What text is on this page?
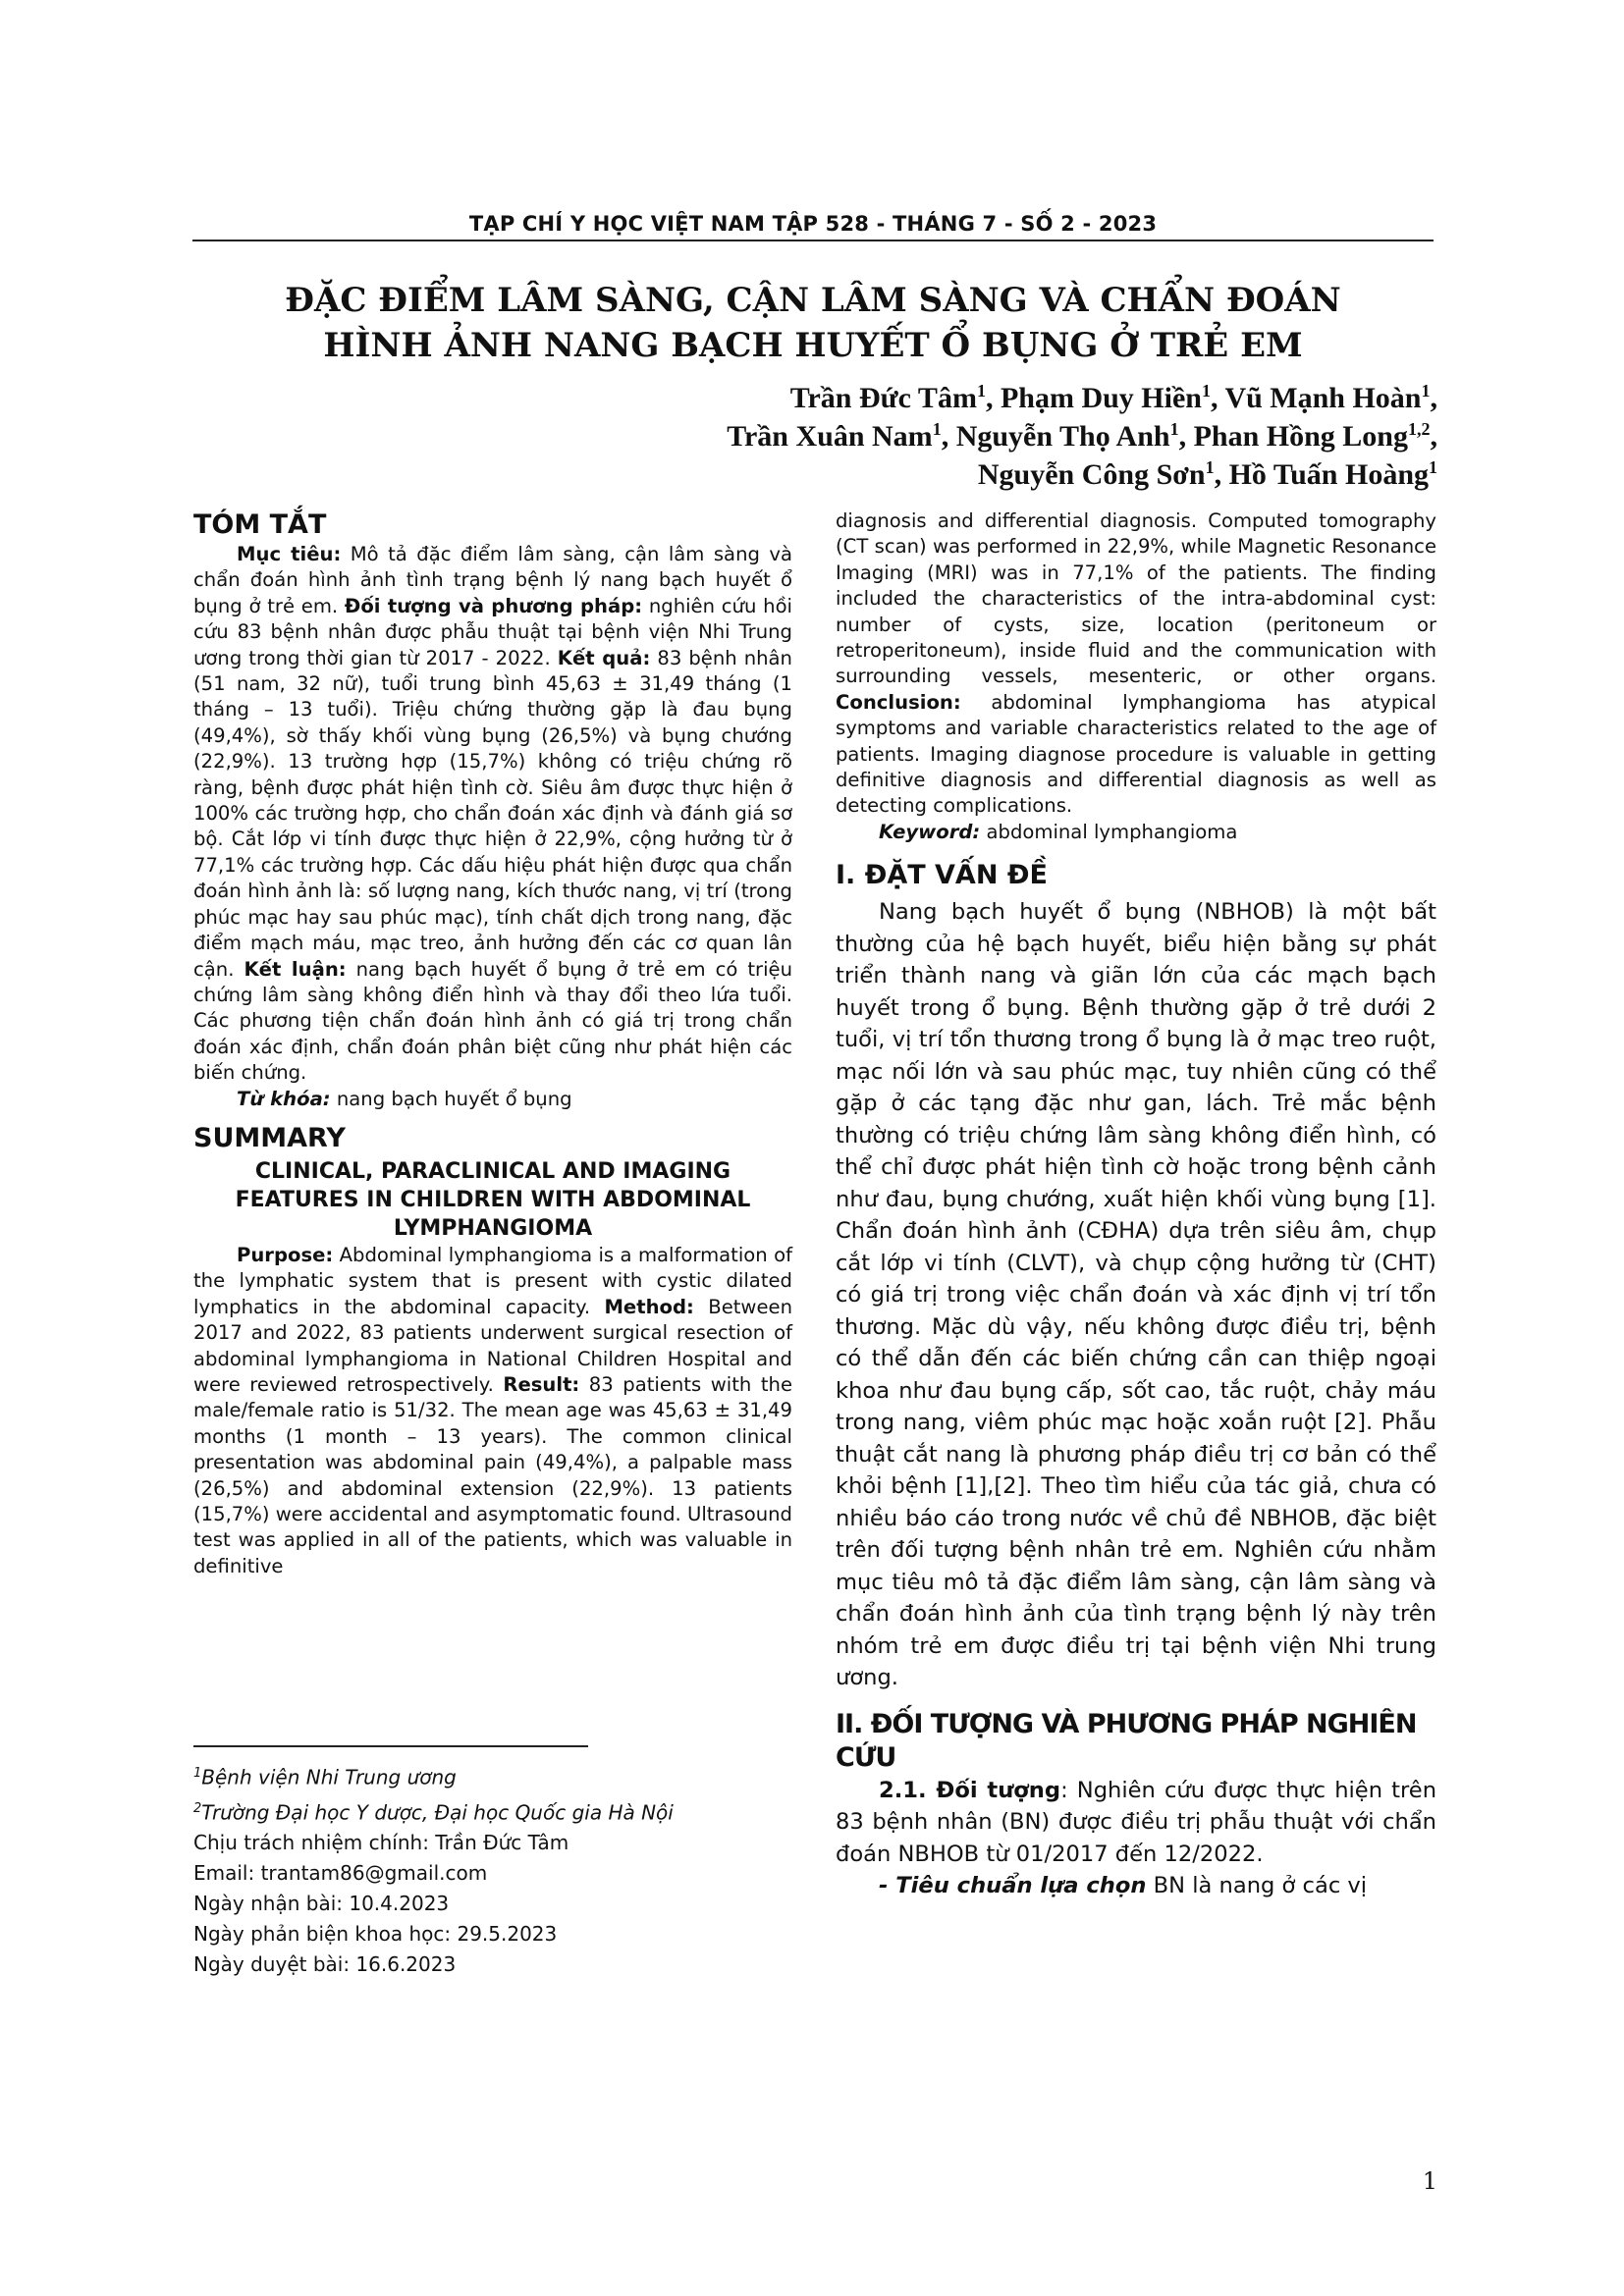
TẠP CHÍ Y HỌC VIỆT NAM TẬP 528 - THÁNG 7 - SỐ 2 - 2023
ĐẶC ĐIỂM LÂM SÀNG, CẬN LÂM SÀNG VÀ CHẨN ĐOÁN
HÌNH ẢNH NANG BẠCH HUYẾT Ổ BỤNG Ở TRẺ EM
Trần Đức Tâm$^1$, Phạm Duy Hiền$^1$, Vũ Mạnh Hoàn$^1$,
Trần Xuân Nam$^1$, Nguyễn Thọ Anh$^1$, Phan Hồng Long$^{1,2}$,
Nguyễn Công Sơn$^1$, Hồ Tuấn Hoàng$^1$
TÓM TẮT

Mục tiêu: Mô tả đặc điểm lâm sàng, cận lâm sàng và chẩn đoán hình ảnh tình trạng bệnh lý nang bạch huyết ổ bụng ở trẻ em. Đối tượng và phương pháp: nghiên cứu hồi cứu 83 bệnh nhân được phẫu thuật tại bệnh viện Nhi Trung ương trong thời gian từ 2017 - 2022. Kết quả: 83 bệnh nhân (51 nam, 32 nữ), tuổi trung bình 45,63 ± 31,49 tháng (1 tháng – 13 tuổi). Triệu chứng thường gặp là đau bụng (49,4%), sờ thấy khối vùng bụng (26,5%) và bụng chướng (22,9%). 13 trường hợp (15,7%) không có triệu chứng rõ ràng, bệnh được phát hiện tình cờ. Siêu âm được thực hiện ở 100% các trường hợp, cho chẩn đoán xác định và đánh giá sơ bộ. Cắt lớp vi tính được thực hiện ở 22,9%, cộng hưởng từ ở 77,1% các trường hợp. Các dấu hiệu phát hiện được qua chẩn đoán hình ảnh là: số lượng nang, kích thước nang, vị trí (trong phúc mạc hay sau phúc mạc), tính chất dịch trong nang, đặc điểm mạch máu, mạc treo, ảnh hưởng đến các cơ quan lân cận. Kết luận: nang bạch huyết ổ bụng ở trẻ em có triệu chứng lâm sàng không điển hình và thay đổi theo lứa tuổi. Các phương tiện chẩn đoán hình ảnh có giá trị trong chẩn đoán xác định, chẩn đoán phân biệt cũng như phát hiện các biến chứng.

Từ khóa: nang bạch huyết ổ bụng

SUMMARY
CLINICAL, PARACLINICAL AND IMAGING FEATURES IN CHILDREN WITH ABDOMINAL LYMPHANGIOMA

Purpose: Abdominal lymphangioma is a malformation of the lymphatic system that is present with cystic dilated lymphatics in the abdominal capacity. Method: Between 2017 and 2022, 83 patients underwent surgical resection of abdominal lymphangioma in National Children Hospital and were reviewed retrospectively. Result: 83 patients with the male/female ratio is 51/32. The mean age was 45,63 ± 31,49 months (1 month – 13 years). The common clinical presentation was abdominal pain (49,4%), a palpable mass (26,5%) and abdominal extension (22,9%). 13 patients (15,7%) were accidental and asymptomatic found. Ultrasound test was applied in all of the patients, which was valuable in definitive

diagnosis and differential diagnosis. Computed tomography (CT scan) was performed in 22,9%, while Magnetic Resonance Imaging (MRI) was in 77,1% of the patients. The finding included the characteristics of the intra-abdominal cyst: number of cysts, size, location (peritoneum or retroperitoneum), inside fluid and the communication with surrounding vessels, mesenteric, or other organs. Conclusion: abdominal lymphangioma has atypical symptoms and variable characteristics related to the age of patients. Imaging diagnose procedure is valuable in getting definitive diagnosis and differential diagnosis as well as detecting complications.

Keyword: abdominal lymphangioma

I. ĐẶT VẤN ĐỀ

Nang bạch huyết ổ bụng (NBHOB) là một bất thường của hệ bạch huyết, biểu hiện bằng sự phát triển thành nang và giãn lớn của các mạch bạch huyết trong ổ bụng. Bệnh thường gặp ở trẻ dưới 2 tuổi, vị trí tổn thương trong ổ bụng là ở mạc treo ruột, mạc nối lớn và sau phúc mạc, tuy nhiên cũng có thể gặp ở các tạng đặc như gan, lách. Trẻ mắc bệnh thường có triệu chứng lâm sàng không điển hình, có thể chỉ được phát hiện tình cờ hoặc trong bệnh cảnh như đau, bụng chướng, xuất hiện khối vùng bụng [1]. Chẩn đoán hình ảnh (CĐHA) dựa trên siêu âm, chụp cắt lớp vi tính (CLVT), và chụp cộng hưởng từ (CHT) có giá trị trong việc chẩn đoán và xác định vị trí tổn thương. Mặc dù vậy, nếu không được điều trị, bệnh có thể dẫn đến các biến chứng cần can thiệp ngoại khoa như đau bụng cấp, sốt cao, tắc ruột, chảy máu trong nang, viêm phúc mạc hoặc xoắn ruột [2]. Phẫu thuật cắt nang là phương pháp điều trị cơ bản có thể khỏi bệnh [1],[2]. Theo tìm hiểu của tác giả, chưa có nhiều báo cáo trong nước về chủ đề NBHOB, đặc biệt trên đối tượng bệnh nhân trẻ em. Nghiên cứu nhằm mục tiêu mô tả đặc điểm lâm sàng, cận lâm sàng và chẩn đoán hình ảnh của tình trạng bệnh lý này trên nhóm trẻ em được điều trị tại bệnh viện Nhi trung ương.

II. ĐỐI TƯỢNG VÀ PHƯƠNG PHÁP NGHIÊN CỨU

2.1. Đối tượng: Nghiên cứu được thực hiện trên 83 bệnh nhân (BN) được điều trị phẫu thuật với chẩn đoán NBHOB từ 01/2017 đến 12/2022.

- Tiêu chuẩn lựa chọn BN là nang ở các vị

$^1$Bệnh viện Nhi Trung ương

$^2$Trường Đại học Y dược, Đại học Quốc gia Hà Nội

Chịu trách nhiệm chính: Trần Đức Tâm

Email: trantam86@gmail.com

Ngày nhận bài: 10.4.2023

Ngày phản biện khoa học: 29.5.2023

Ngày duyệt bài: 16.6.2023

1
